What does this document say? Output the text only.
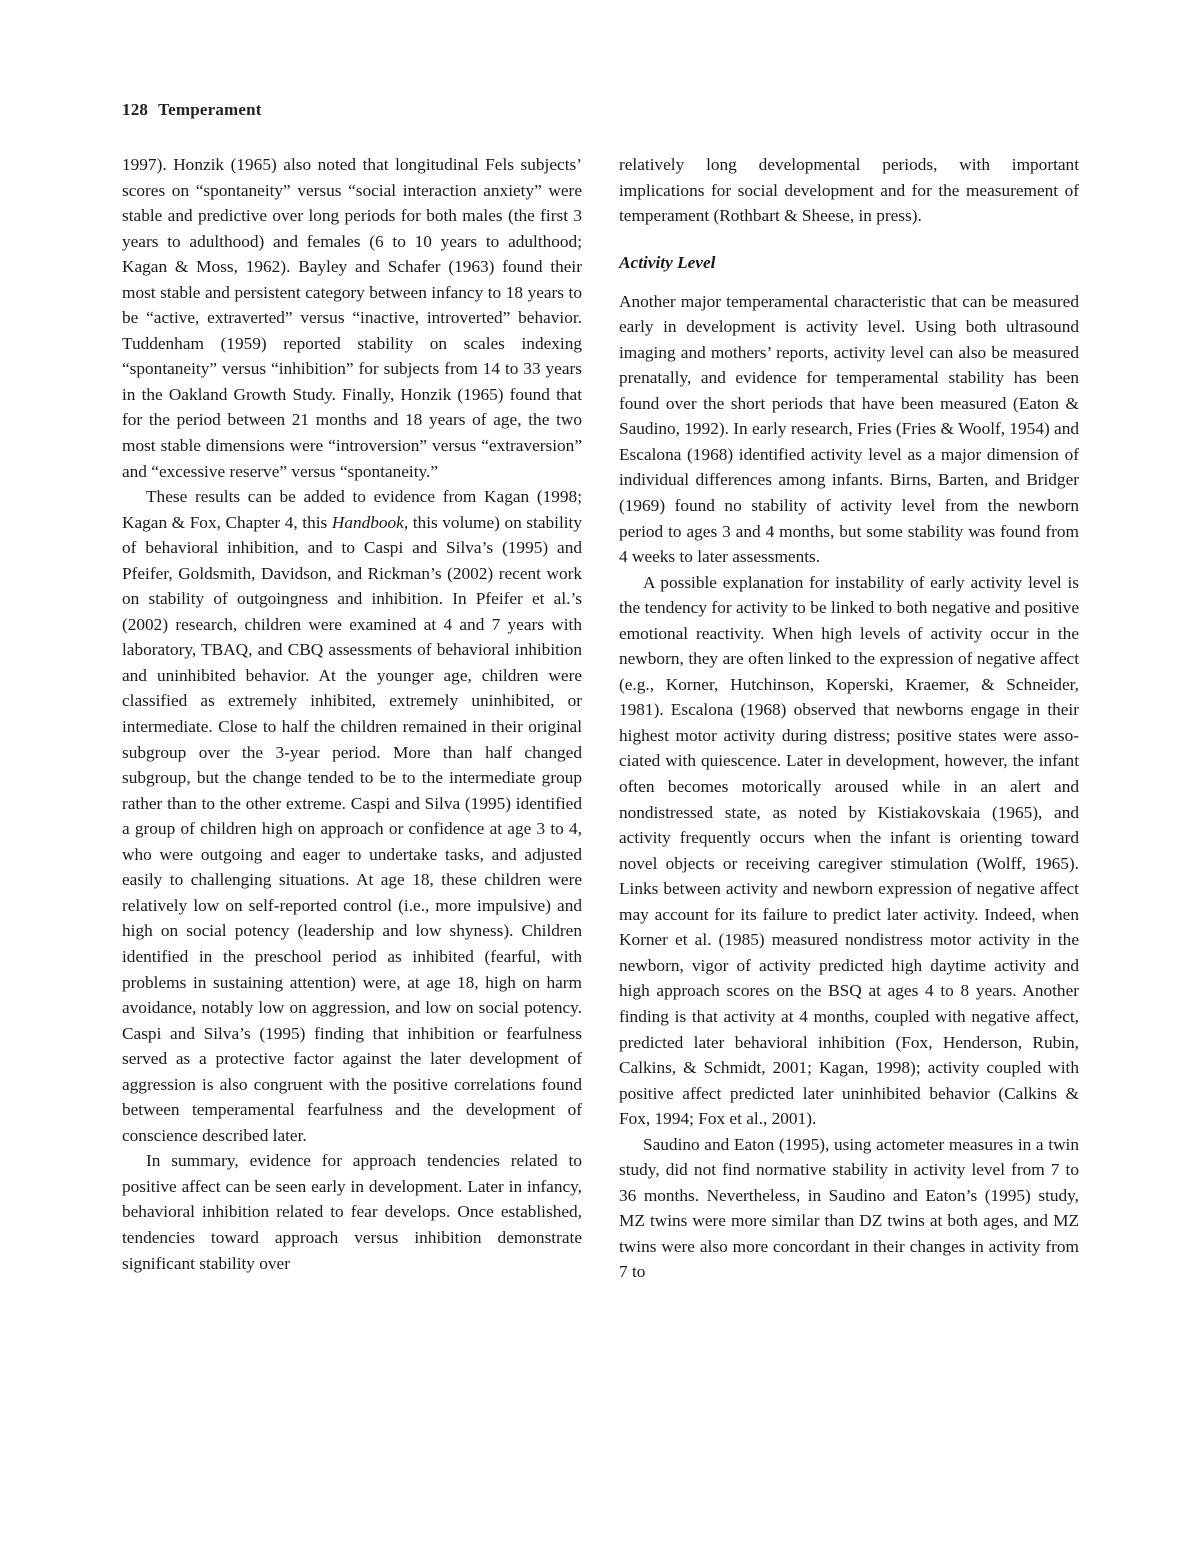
128 Temperament

1997). Honzik (1965) also noted that longitudinal Fels subjects’ scores on “spontaneity” versus “social interaction anxiety” were stable and predictive over long periods for both males (the first 3 years to adulthood) and females (6 to 10 years to adulthood; Kagan & Moss, 1962). Bayley and Schafer (1963) found their most stable and persistent category between infancy to 18 years to be “active, extraverted” versus “inactive, introverted” behavior. Tuddenham (1959) reported stability on scales indexing “spontaneity” versus “inhibition” for subjects from 14 to 33 years in the Oakland Growth Study. Finally, Honzik (1965) found that for the period between 21 months and 18 years of age, the two most stable dimensions were “introversion” versus “extraversion” and “excessive reserve” versus “spontaneity.”

These results can be added to evidence from Kagan (1998; Kagan & Fox, Chapter 4, this Handbook, this volume) on stability of behavioral inhibition, and to Caspi and Silva’s (1995) and Pfeifer, Goldsmith, Davidson, and Rickman’s (2002) recent work on stability of outgoingness and inhibition. In Pfeifer et al.’s (2002) research, children were examined at 4 and 7 years with laboratory, TBAQ, and CBQ assessments of behavioral inhibition and uninhibited behavior. At the younger age, children were classified as extremely inhibited, extremely uninhibited, or intermediate. Close to half the children remained in their original subgroup over the 3-year period. More than half changed subgroup, but the change tended to be to the intermediate group rather than to the other extreme. Caspi and Silva (1995) identified a group of children high on approach or confidence at age 3 to 4, who were outgoing and eager to undertake tasks, and adjusted easily to challenging situations. At age 18, these children were relatively low on self-reported control (i.e., more impulsive) and high on social potency (leadership and low shyness). Children identified in the preschool period as inhibited (fearful, with problems in sustaining attention) were, at age 18, high on harm avoidance, notably low on aggression, and low on social potency. Caspi and Silva’s (1995) finding that inhibition or fearfulness served as a protective factor against the later development of aggression is also congruent with the positive correlations found between temperamental fearfulness and the development of conscience described later.

In summary, evidence for approach tendencies related to positive affect can be seen early in development. Later in infancy, behavioral inhibition related to fear develops. Once established, tendencies toward approach versus inhibition demonstrate significant stability over

relatively long developmental periods, with important implications for social development and for the measurement of temperament (Rothbart & Sheese, in press).

Activity Level

Another major temperamental characteristic that can be measured early in development is activity level. Using both ultrasound imaging and mothers’ reports, activity level can also be measured prenatally, and evidence for temperamental stability has been found over the short periods that have been measured (Eaton & Saudino, 1992). In early research, Fries (Fries & Woolf, 1954) and Escalona (1968) identified activity level as a major dimension of individual differences among infants. Birns, Barten, and Bridger (1969) found no stability of activity level from the newborn period to ages 3 and 4 months, but some stability was found from 4 weeks to later assessments.

A possible explanation for instability of early activity level is the tendency for activity to be linked to both negative and positive emotional reactivity. When high levels of activity occur in the newborn, they are often linked to the expression of negative affect (e.g., Korner, Hutchinson, Koperski, Kraemer, & Schneider, 1981). Escalona (1968) observed that newborns engage in their highest motor activity during distress; positive states were associated with quiescence. Later in development, however, the infant often becomes motorically aroused while in an alert and nondistressed state, as noted by Kistiakovskaia (1965), and activity frequently occurs when the infant is orienting toward novel objects or receiving caregiver stimulation (Wolff, 1965). Links between activity and newborn expression of negative affect may account for its failure to predict later activity. Indeed, when Korner et al. (1985) measured nondistress motor activity in the newborn, vigor of activity predicted high daytime activity and high approach scores on the BSQ at ages 4 to 8 years. Another finding is that activity at 4 months, coupled with negative affect, predicted later behavioral inhibition (Fox, Henderson, Rubin, Calkins, & Schmidt, 2001; Kagan, 1998); activity coupled with positive affect predicted later uninhibited behavior (Calkins & Fox, 1994; Fox et al., 2001).

Saudino and Eaton (1995), using actometer measures in a twin study, did not find normative stability in activity level from 7 to 36 months. Nevertheless, in Saudino and Eaton’s (1995) study, MZ twins were more similar than DZ twins at both ages, and MZ twins were also more concordant in their changes in activity from 7 to
